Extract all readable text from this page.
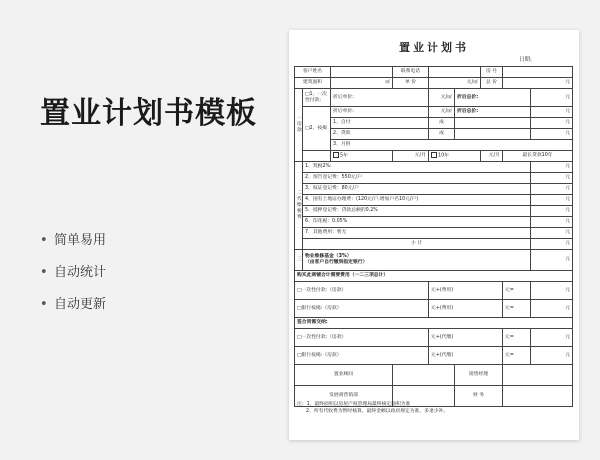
置业计划书模板
• 简单易用
• 自动统计
• 自动更新
置业计划书
日期:
客户姓名			联系电话			房 号		
建筑面积		㎡	单 价	元/㎡		总 价	元	
一、房款	□1、一次性付款:	折后单价:		元/㎡	折后总价:			元
	□2、按揭	折后单价:		元/㎡	折后总价:			元
		1、自付		成				元
		2、贷款		成				元
		3、月供						
		5年	元/月	10年		元/月	最长贷款10年	
二、代缴税费	1、契税2%:							元
	2、预告登记费：550元/户							元
	3、权证登记费：80元/户							元
	4、国有土地证办理费：(120元/户,增加户名10元/户)							元
	5、抵押登记费：贷款总额的0.2%							元
	6、印花税：0.05%							元
	7、其他费用：暂无							元
	小 计							元
三、	物业维修基金（3%）
（由客户自行缴到指定银行）							元
购买此商铺合计需要费用（一二三项总计）								
□一次性付款:（房款）				元+(费用)			元=	元
□银行按揭:（房款）				元+(费用)			元=	元
签合同需交纳:								
□一次性付款:（房款）				元+(代缴)			元=	元
□银行按揭:（房款）				元+(代缴)			元=	元
置业顾问					销售经理			
发展商营销部					财 务			
注：1、最终面积以房屋产权管理局最终核定面积为准
2、所有代收费为暂时核算，最终金额以政府规定为准，多退少补。
